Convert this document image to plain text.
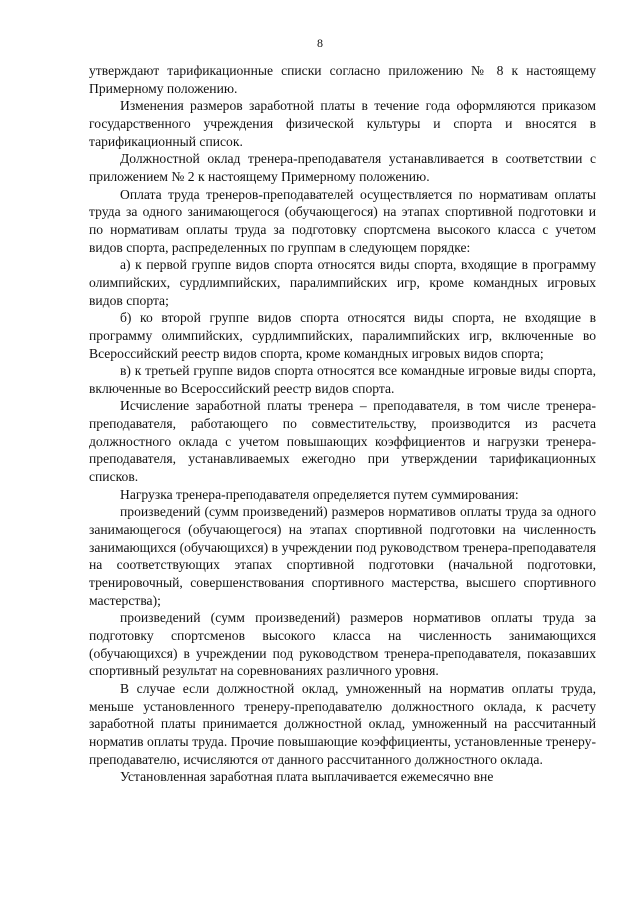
8

утверждают тарификационные списки согласно приложению № 8 к настоящему Примерному положению.

Изменения размеров заработной платы в течение года оформляются приказом государственного учреждения физической культуры и спорта и вносятся в тарификационный список.

Должностной оклад тренера-преподавателя устанавливается в соответствии с приложением № 2 к настоящему Примерному положению.

Оплата труда тренеров-преподавателей осуществляется по нормативам оплаты труда за одного занимающегося (обучающегося) на этапах спортивной подготовки и по нормативам оплаты труда за подготовку спортсмена высокого класса с учетом видов спорта, распределенных по группам в следующем порядке:

а) к первой группе видов спорта относятся виды спорта, входящие в программу олимпийских, сурдлимпийских, паралимпийских игр, кроме командных игровых видов спорта;

б) ко второй группе видов спорта относятся виды спорта, не входящие в программу олимпийских, сурдлимпийских, паралимпийских игр, включенные во Всероссийский реестр видов спорта, кроме командных игровых видов спорта;

в) к третьей группе видов спорта относятся все командные игровые виды спорта, включенные во Всероссийский реестр видов спорта.

Исчисление заработной платы тренера – преподавателя, в том числе тренера-преподавателя, работающего по совместительству, производится из расчета должностного оклада с учетом повышающих коэффициентов и нагрузки тренера-преподавателя, устанавливаемых ежегодно при утверждении тарификационных списков.

Нагрузка тренера-преподавателя определяется путем суммирования:

произведений (сумм произведений) размеров нормативов оплаты труда за одного занимающегося (обучающегося) на этапах спортивной подготовки на численность занимающихся (обучающихся) в учреждении под руководством тренера-преподавателя на соответствующих этапах спортивной подготовки (начальной подготовки, тренировочный, совершенствования спортивного мастерства, высшего спортивного мастерства);

произведений (сумм произведений) размеров нормативов оплаты труда за подготовку спортсменов высокого класса на численность занимающихся (обучающихся) в учреждении под руководством тренера-преподавателя, показавших спортивный результат на соревнованиях различного уровня.

В случае если должностной оклад, умноженный на норматив оплаты труда, меньше установленного тренеру-преподавателю должностного оклада, к расчету заработной платы принимается должностной оклад, умноженный на рассчитанный норматив оплаты труда. Прочие повышающие коэффициенты, установленные тренеру-преподавателю, исчисляются от данного рассчитанного должностного оклада.

Установленная заработная плата выплачивается ежемесячно вне
